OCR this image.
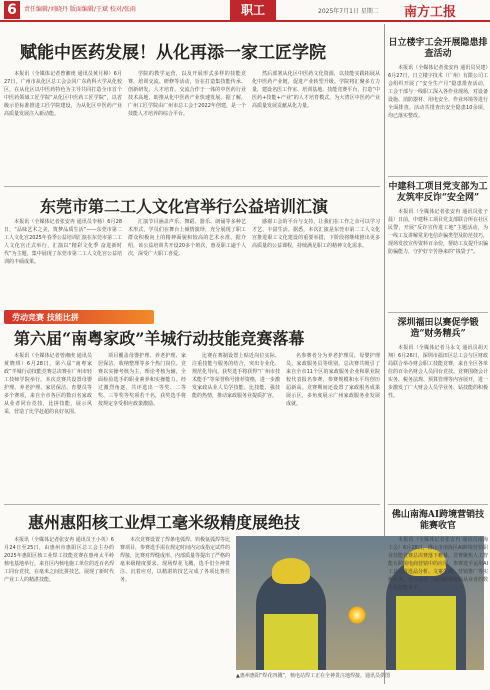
6	责任编辑/刘晓丹 版面编辑/王斌 校对/张雨	职工	2025年7月1日 星期二 南方工报
赋能中医药发展！从化再添一家工匠学院

本报讯（全媒体记者曾湘虔 通讯员黄月樟）6月27日，广州市从化区总工会会同广东药科大学从化校区，在从化区以中医药特色为主导共同打造全市首个中医药领域工匠学院“从化区中医药工匠学院”，以省级示范标准推进工匠学院建设，为从化区中医药产业高质量发展注入新动能。

学院的教学运营，以及开展形式多样的技能竞赛、培训交流、研修等活动，旨在打造集技能传承、创新研发、人才培育、交流合作于一体的中医药行业技术高地，助推从化中医药产业快速发展。据了解，广州工匠学院由广州市总工会于2022年创建，是一个技能人才培养的综合平台。

然后部署从化区中医药文化资源，以技能实践拓展从化中医药产业链，促进产业转型升级。学院将汇聚多方力量，建设名医工作室、培训基地、技能竞赛平台，打造“中医药+技能+产业”的人才培育模式，为大湾区中医药产业高质量发展贡献从化力量。

东莞市第二工人文化宫举行公益培训汇演

本报讯（全媒体记者张安冉 通讯员李杨）6月28日，“品味艺术之美，筑梦品质生活”——东莞市第二工人文化宫2025年春季公益培训汇演在东莞市第二工人文化宫正式举行，汇演以“精彩文化季 奋进新时代”为主题，集中展现了东莞市第二工人文化宫公益培训的丰硕成果。

汇演节目涵盖声乐、舞蹈、器乐、朗诵等多种艺术形式，学员们在舞台上倾情演绎，充分展现了职工群众积极向上的精神面貌和较高的艺术水准。据介绍，该公益培训共开设20多个班次，惠及职工逾千人次，深受广大职工喜爱。

感谢工会的平台与支持，让我们在工作之余可以学习才艺、丰富生活。据悉，本次汇演是东莞市第二工人文化宫推进职工文化建设的重要举措，下阶段将继续推出更多高质量的公益课程，持续满足职工的精神文化需求。

劳动竞赛 技能比拼
第六届“南粤家政”羊城行动技能竞赛落幕

本报讯（全媒体记者曾湘虔 通讯员黄晓琪）6月28日，第六届“南粤家政”羊城行动技能竞赛总决赛在广州市轻工技师学院举行。本次竞赛共设置母婴护理、养老护理、家居保洁、育婴员等多个赛项，来自全市各区的数百名家政从业者同台竞技，比拼技能，展示风采，营造了比学赶超的良好氛围。

项目覆盖母婴护理、养老护理、家居保洁、收纳整理等多个热门岗位。竞赛以实操考核为主，理论考核为辅，全面检验选手的职业素养和实操能力。经过激烈角逐，共评选出一等奖、二等奖、三等奖等奖项若干名，获奖选手将按规定享受相应政策激励。

比赛在赛制设置上贴近岗位实际，注重技能与服务的结合，突出专业化、规范化导向。获奖选手将获得“广州市技术能手”等荣誉称号推荐资格，进一步激发家政从业人员学技能、比技能、强技能的热情，推动家政服务业提质扩容。

名参赛者分为养老护理员、母婴护理员、家政服务员等组别。总决赛共吸引了来自全市11个区的家政服务企业和职业院校代表报名参赛，参赛规模和水平均创历届新高。竞赛期间还设置了家政服务成果展示区，多角度展示广州家政服务业发展成就。

惠州惠阳核工业焊工毫米级精度展绝技

本报讯（全媒体记者张安冉 通讯员王小英）6月24日至25日，由惠州市惠阳区总工会主办的2025年惠阳区核工业焊工技能竞赛在惠州太平岭核电基地举行。来自区内核电施工单位的近百名焊工同台竞技，在毫米之间比拼技艺，展现了新时代产业工人的精湛技能。

本次竞赛设置了焊条电弧焊、钨极氩弧焊等比赛项目，参赛选手需在规定时间内完成指定试件的焊接，比赛对焊缝成形、内部质量等提出了严格的毫米级精度要求。现场焊花飞溅，选手们全神贯注、沉着应对，以精湛的技艺完成了各项比赛任务。

▲惠州惠阳“焊花四溅”，核电站焊工正在全神贯注地焊接。通讯员供图
日立楼宇工会开展隐患排查活动

本报讯（全媒体记者张安冉 通讯员吴建）6月27日，日立楼宇技术（广州）有限公司工会组织开展了“安全生产月”隐患排查活动，工会干部与一线职工深入各作业现场，对设备设施、消防器材、用电安全、作业环境等进行全面排查。活动共排查出安全隐患10余项，均已落实整改。

中建科工项目党支部为工友筑牢反诈“安全网”

本报讯（全媒体记者张安冉 通讯员张子晨）日前，中建科工项目党支部联合所在社区民警，开展“反诈宣传进工地”主题活动，为一线工友讲解常见电信诈骗类型及防范技巧，现场发放宣传资料百余份，帮助工友提升识骗防骗能力，守护好辛苦挣来的“钱袋子”。

深圳福田以赛促学锻造“财务精兵”

本报讯（全媒体记者马永文 通讯员胡天翔）6月26日，深圳市福田区总工会与区财政局联合举办财会职工技能竞赛，来自全区各单位的百余名财会人员同台竞技。竞赛围绕会计实务、税务法规、预算管理等内容展开，进一步激发了广大财会人员学业务、钻技能的积极性。

佛山南海AI跨境营销技能赛收官

本报讯（全媒体记者张安冉 通讯员南海工会）6月28日，佛山市南海区AI跨境营销职业技能竞赛总决赛落下帷幕。竞赛聚焦人工智能在跨境电商营销中的应用，参赛选手运用AI工具完成选品分析、文案生成、营销推广等实操任务，充分展现了南海跨境电商从业者的数字化技能水平。
